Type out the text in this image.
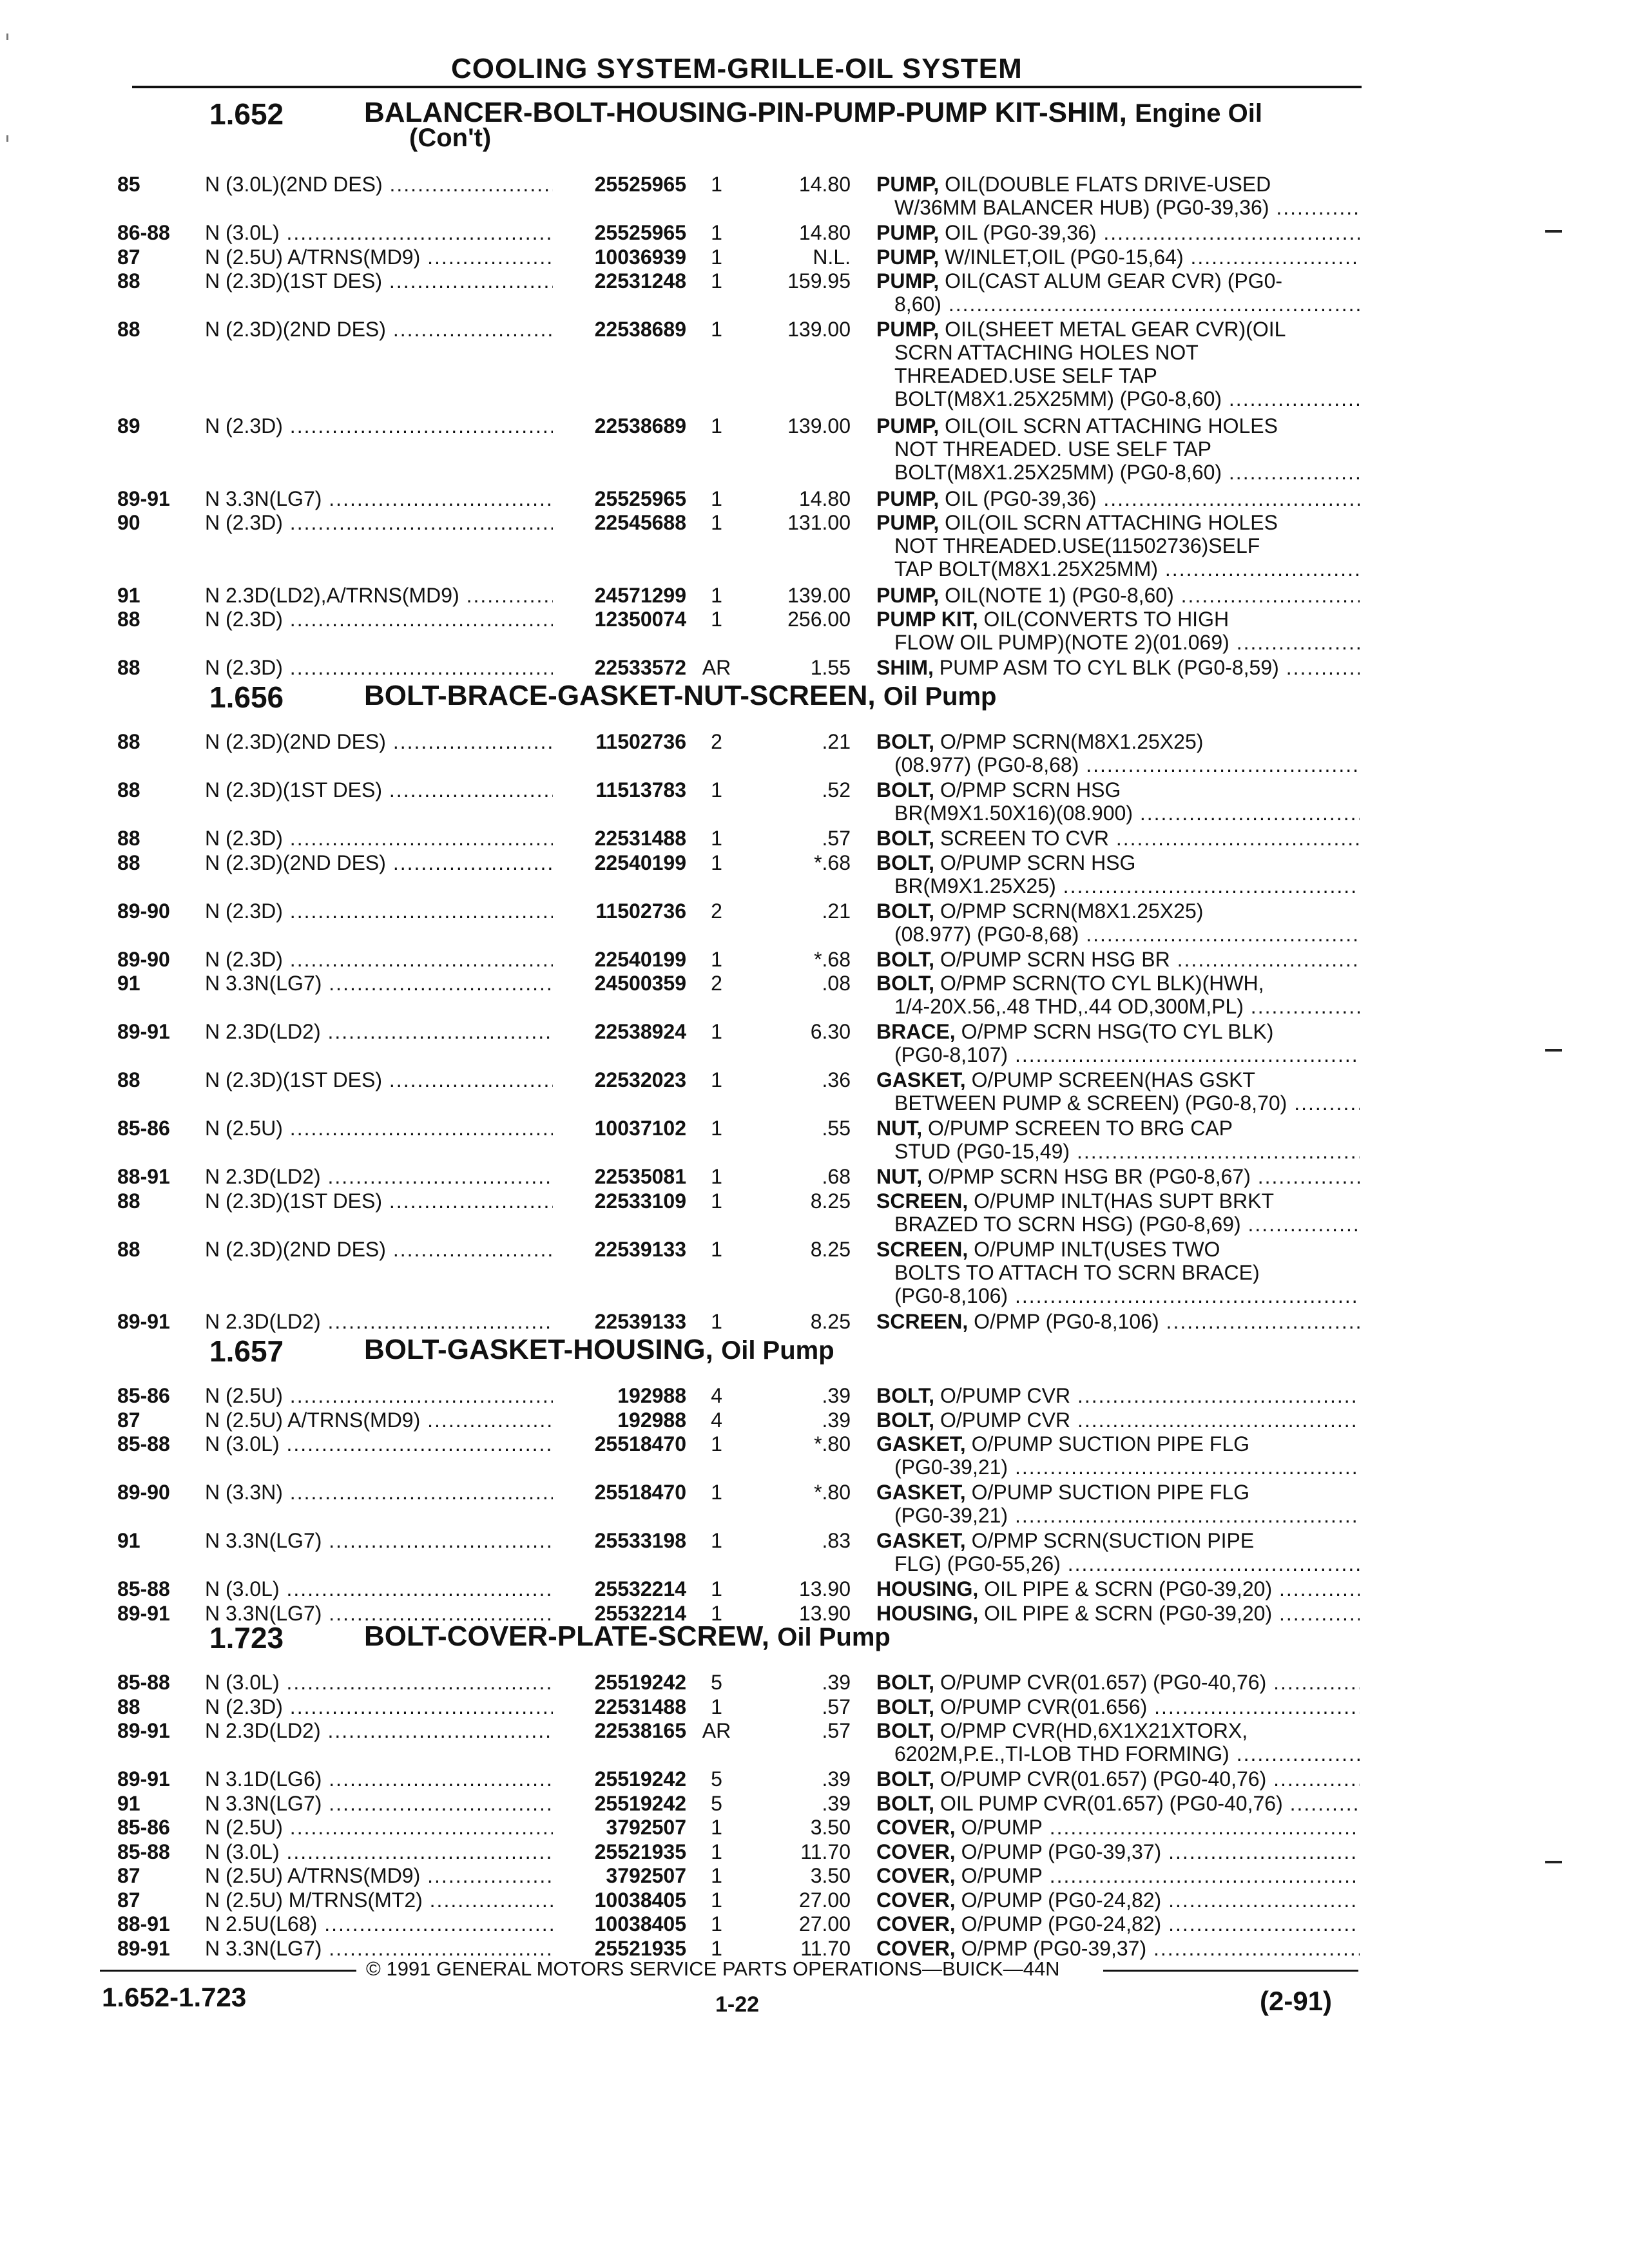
COOLING SYSTEM-GRILLE-OIL SYSTEM
1.652	BALANCER-BOLT-HOUSING-PIN-PUMP-PUMP KIT-SHIM, Engine Oil
(Con't)
85	N (3.0L)(2ND DES) .....	25525965	1	14.80 PUMP, OIL(DOUBLE FLATS DRIVE-USED
W/36MM BALANCER HUB) (PG0-39,36) .....
86-88	N (3.0L) .....	25525965	1	14.80 PUMP, OIL (PG0-39,36) .....
87	N (2.5U) A/TRNS(MD9) .....	10036939	1	N.L. PUMP, W/INLET,OIL (PG0-15,64) .....
88	N (2.3D)(1ST DES) .....	22531248	1	159.95 PUMP, OIL(CAST ALUM GEAR CVR) (PG0-
8,60) .....
88	N (2.3D)(2ND DES) .....	22538689	1	139.00 PUMP, OIL(SHEET METAL GEAR CVR)(OIL
SCRN ATTACHING HOLES NOT
THREADED.USE SELF TAP
BOLT(M8X1.25X25MM) (PG0-8,60) .....
89	N (2.3D) .....	22538689	1	139.00 PUMP, OIL(OIL SCRN ATTACHING HOLES
NOT THREADED. USE SELF TAP
BOLT(M8X1.25X25MM) (PG0-8,60) .....
89-91	N 3.3N(LG7) .....	25525965	1	14.80 PUMP, OIL (PG0-39,36) .....
90	N (2.3D) .....	22545688	1	131.00 PUMP, OIL(OIL SCRN ATTACHING HOLES
NOT THREADED.USE(11502736)SELF
TAP BOLT(M8X1.25X25MM) .....
91	N 2.3D(LD2),A/TRNS(MD9) .....	24571299	1	139.00 PUMP, OIL(NOTE 1) (PG0-8,60) .....
88	N (2.3D) .....	12350074	1	256.00 PUMP KIT, OIL(CONVERTS TO HIGH
FLOW OIL PUMP)(NOTE 2)(01.069) .....
88	N (2.3D) .....	22533572 AR	1.55 SHIM, PUMP ASM TO CYL BLK (PG0-8,59) .....
1.656	BOLT-BRACE-GASKET-NUT-SCREEN, Oil Pump
88	N (2.3D)(2ND DES) .....	11502736	2	.21 BOLT, O/PMP SCRN(M8X1.25X25)
(08.977) (PG0-8,68) .....
88	N (2.3D)(1ST DES) .....	11513783	1	.52 BOLT, O/PMP SCRN HSG
BR(M9X1.50X16)(08.900) .....
88	N (2.3D) .....	22531488	1	.57 BOLT, SCREEN TO CVR .....
88	N (2.3D)(2ND DES) .....	22540199	1	*.68 BOLT, O/PUMP SCRN HSG
BR(M9X1.25X25) .....
89-90	N (2.3D) .....	11502736	2	.21 BOLT, O/PMP SCRN(M8X1.25X25)
(08.977) (PG0-8,68) .....
89-90	N (2.3D) .....	22540199	1	*.68 BOLT, O/PUMP SCRN HSG BR .....
91	N 3.3N(LG7) .....	24500359	2	.08 BOLT, O/PMP SCRN(TO CYL BLK)(HWH,
1/4-20X.56,.48 THD,.44 OD,300M,PL) .....
89-91	N 2.3D(LD2) .....	22538924	1	6.30 BRACE, O/PMP SCRN HSG(TO CYL BLK)
(PG0-8,107) .....
88	N (2.3D)(1ST DES) .....	22532023	1	.36 GASKET, O/PUMP SCREEN(HAS GSKT
BETWEEN PUMP & SCREEN) (PG0-8,70) .....
85-86	N (2.5U) .....	10037102	1	.55 NUT, O/PUMP SCREEN TO BRG CAP
STUD (PG0-15,49) .....
88-91	N 2.3D(LD2) .....	22535081	1	.68 NUT, O/PMP SCRN HSG BR (PG0-8,67) .....
88	N (2.3D)(1ST DES) .....	22533109	1	8.25 SCREEN, O/PUMP INLT(HAS SUPT BRKT
BRAZED TO SCRN HSG) (PG0-8,69) .....
88	N (2.3D)(2ND DES) .....	22539133	1	8.25 SCREEN, O/PUMP INLT(USES TWO
BOLTS TO ATTACH TO SCRN BRACE)
(PG0-8,106) .....
89-91	N 2.3D(LD2) .....	22539133	1	8.25 SCREEN, O/PMP (PG0-8,106) .....
1.657	BOLT-GASKET-HOUSING, Oil Pump
85-86	N (2.5U) .....	192988	4	.39 BOLT, O/PUMP CVR .....
87	N (2.5U) A/TRNS(MD9) .....	192988	4	.39 BOLT, O/PUMP CVR .....
85-88	N (3.0L) .....	25518470	1	*.80 GASKET, O/PUMP SUCTION PIPE FLG
(PG0-39,21) .....
89-90	N (3.3N) .....	25518470	1	*.80 GASKET, O/PUMP SUCTION PIPE FLG
(PG0-39,21) .....
91	N 3.3N(LG7) .....	25533198	1	.83 GASKET, O/PMP SCRN(SUCTION PIPE
FLG) (PG0-55,26) .....
85-88	N (3.0L) .....	25532214	1	13.90 HOUSING, OIL PIPE & SCRN (PG0-39,20) .....
89-91	N 3.3N(LG7) .....	25532214	1	13.90 HOUSING, OIL PIPE & SCRN (PG0-39,20) .....
1.723	BOLT-COVER-PLATE-SCREW, Oil Pump
85-88	N (3.0L) .....	25519242	5	.39 BOLT, O/PUMP CVR(01.657) (PG0-40,76) .....
88	N (2.3D) .....	22531488	1	.57 BOLT, O/PUMP CVR(01.656) .....
89-91	N 2.3D(LD2) .....	22538165 AR	.57 BOLT, O/PMP CVR(HD,6X1X21XTORX,
6202M,P.E.,TI-LOB THD FORMING) .....
89-91	N 3.1D(LG6) .....	25519242	5	.39 BOLT, O/PUMP CVR(01.657) (PG0-40,76) .....
91	N 3.3N(LG7) .....	25519242	5	.39 BOLT, OIL PUMP CVR(01.657) (PG0-40,76) .....
85-86	N (2.5U) .....	3792507	1	3.50 COVER, O/PUMP .....
85-88	N (3.0L) .....	25521935	1	11.70 COVER, O/PUMP (PG0-39,37) .....
87	N (2.5U) A/TRNS(MD9) .....	3792507	1	3.50 COVER, O/PUMP .....
87	N (2.5U) M/TRNS(MT2) .....	10038405	1	27.00 COVER, O/PUMP (PG0-24,82) .....
88-91	N 2.5U(L68) .....	10038405	1	27.00 COVER, O/PUMP (PG0-24,82) .....
89-91	N 3.3N(LG7) .....	25521935	1	11.70 COVER, O/PMP (PG0-39,37) .....
© 1991 GENERAL MOTORS SERVICE PARTS OPERATIONS—BUICK—44N
1.652-1.723	1-22	(2-91)
